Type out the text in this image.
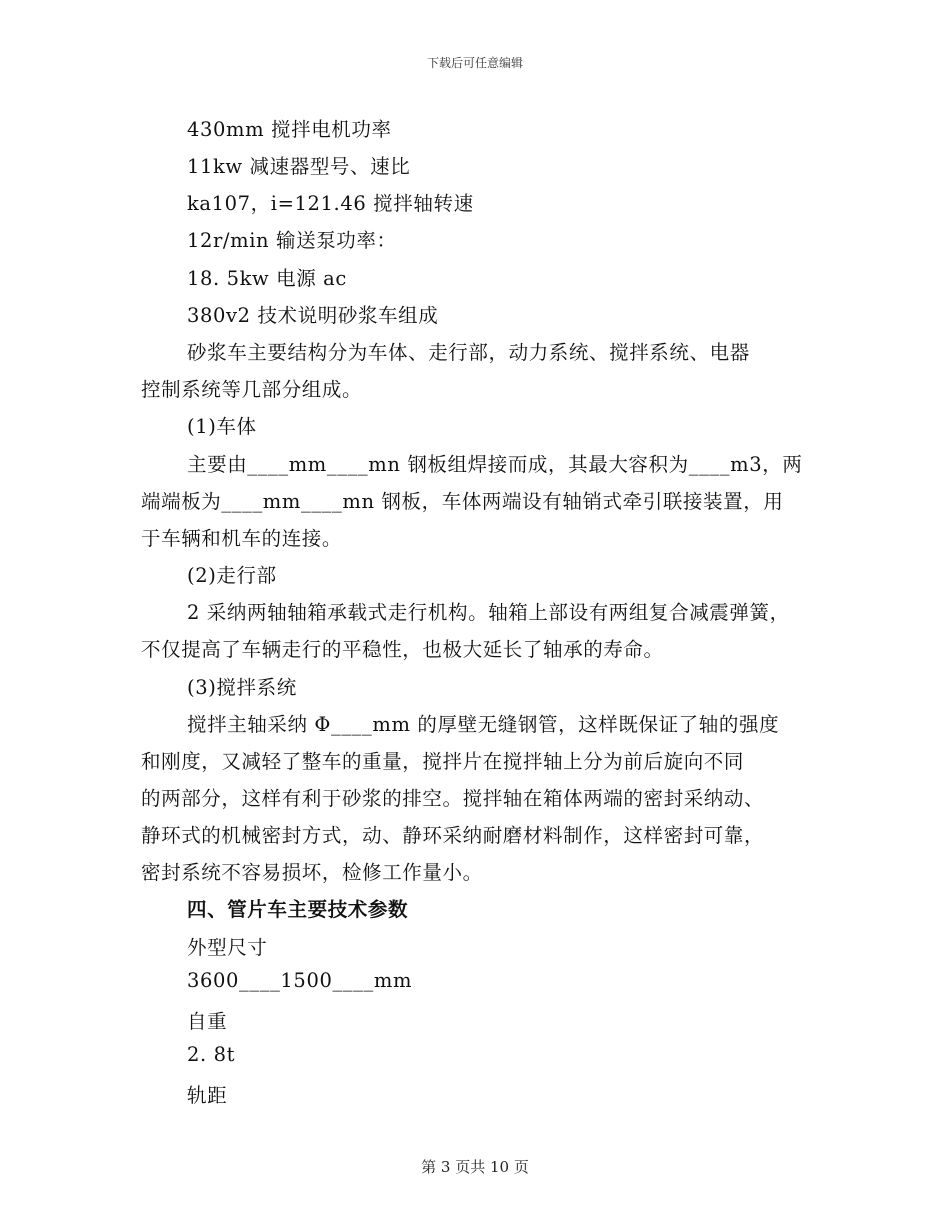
下载后可任意编辑
430mm 搅拌电机功率
11kw 减速器型号、速比
ka107，i=121.46 搅拌轴转速
12r/min 输送泵功率：
18. 5kw 电源 ac
380v2 技术说明砂浆车组成
砂浆车主要结构分为车体、走行部，动力系统、搅拌系统、电器
控制系统等几部分组成。
(1)车体
主要由____mm____mn 钢板组焊接而成，其最大容积为____m3，两
端端板为____mm____mn 钢板，车体两端设有轴销式牵引联接装置，用
于车辆和机车的连接。
(2)走行部
2 采纳两轴轴箱承载式走行机构。轴箱上部设有两组复合减震弹簧，
不仅提高了车辆走行的平稳性，也极大延长了轴承的寿命。
(3)搅拌系统
搅拌主轴采纳 Φ____mm 的厚壁无缝钢管，这样既保证了轴的强度
和刚度，又减轻了整车的重量，搅拌片在搅拌轴上分为前后旋向不同
的两部分，这样有利于砂浆的排空。搅拌轴在箱体两端的密封采纳动、
静环式的机械密封方式，动、静环采纳耐磨材料制作，这样密封可靠，
密封系统不容易损坏，检修工作量小。
四、管片车主要技术参数
外型尺寸
3600____1500____mm
自重
2. 8t
轨距
第 3 页共 10 页
